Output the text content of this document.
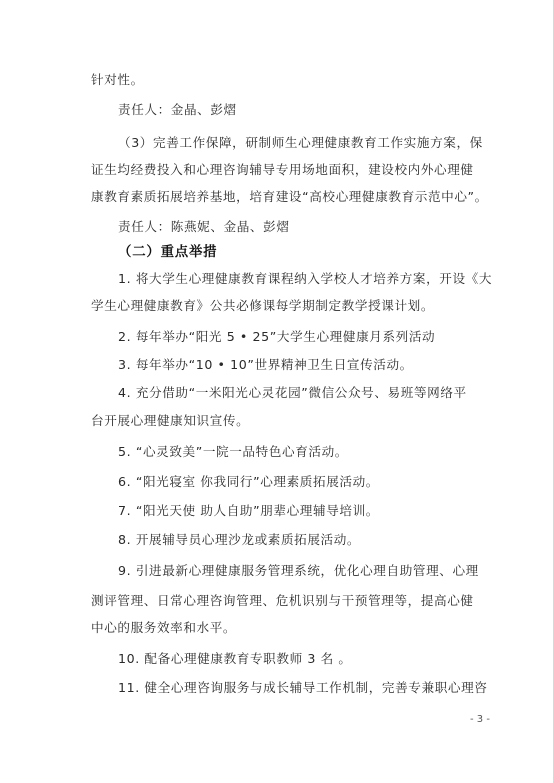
针对性。
责任人：金晶、彭熠
（3）完善工作保障，研制师生心理健康教育工作实施方案，保
证生均经费投入和心理咨询辅导专用场地面积，建设校内外心理健
康教育素质拓展培养基地，培育建设“高校心理健康教育示范中心”。
责任人：陈燕妮、金晶、彭熠
（二）重点举措
1. 将大学生心理健康教育课程纳入学校人才培养方案，开设《大
学生心理健康教育》公共必修课每学期制定教学授课计划。
2. 每年举办“阳光 5 • 25”大学生心理健康月系列活动
3. 每年举办“10 • 10”世界精神卫生日宣传活动。
4. 充分借助“一米阳光心灵花园”微信公众号、易班等网络平
台开展心理健康知识宣传。
5. “心灵致美”一院一品特色心育活动。
6. “阳光寝室 你我同行”心理素质拓展活动。
7. “阳光天使 助人自助”朋辈心理辅导培训。
8. 开展辅导员心理沙龙或素质拓展活动。
9. 引进最新心理健康服务管理系统，优化心理自助管理、心理
测评管理、日常心理咨询管理、危机识别与干预管理等，提高心健
中心的服务效率和水平。
10. 配备心理健康教育专职教师 3 名 。
11. 健全心理咨询服务与成长辅导工作机制，完善专兼职心理咨
- 3 -
